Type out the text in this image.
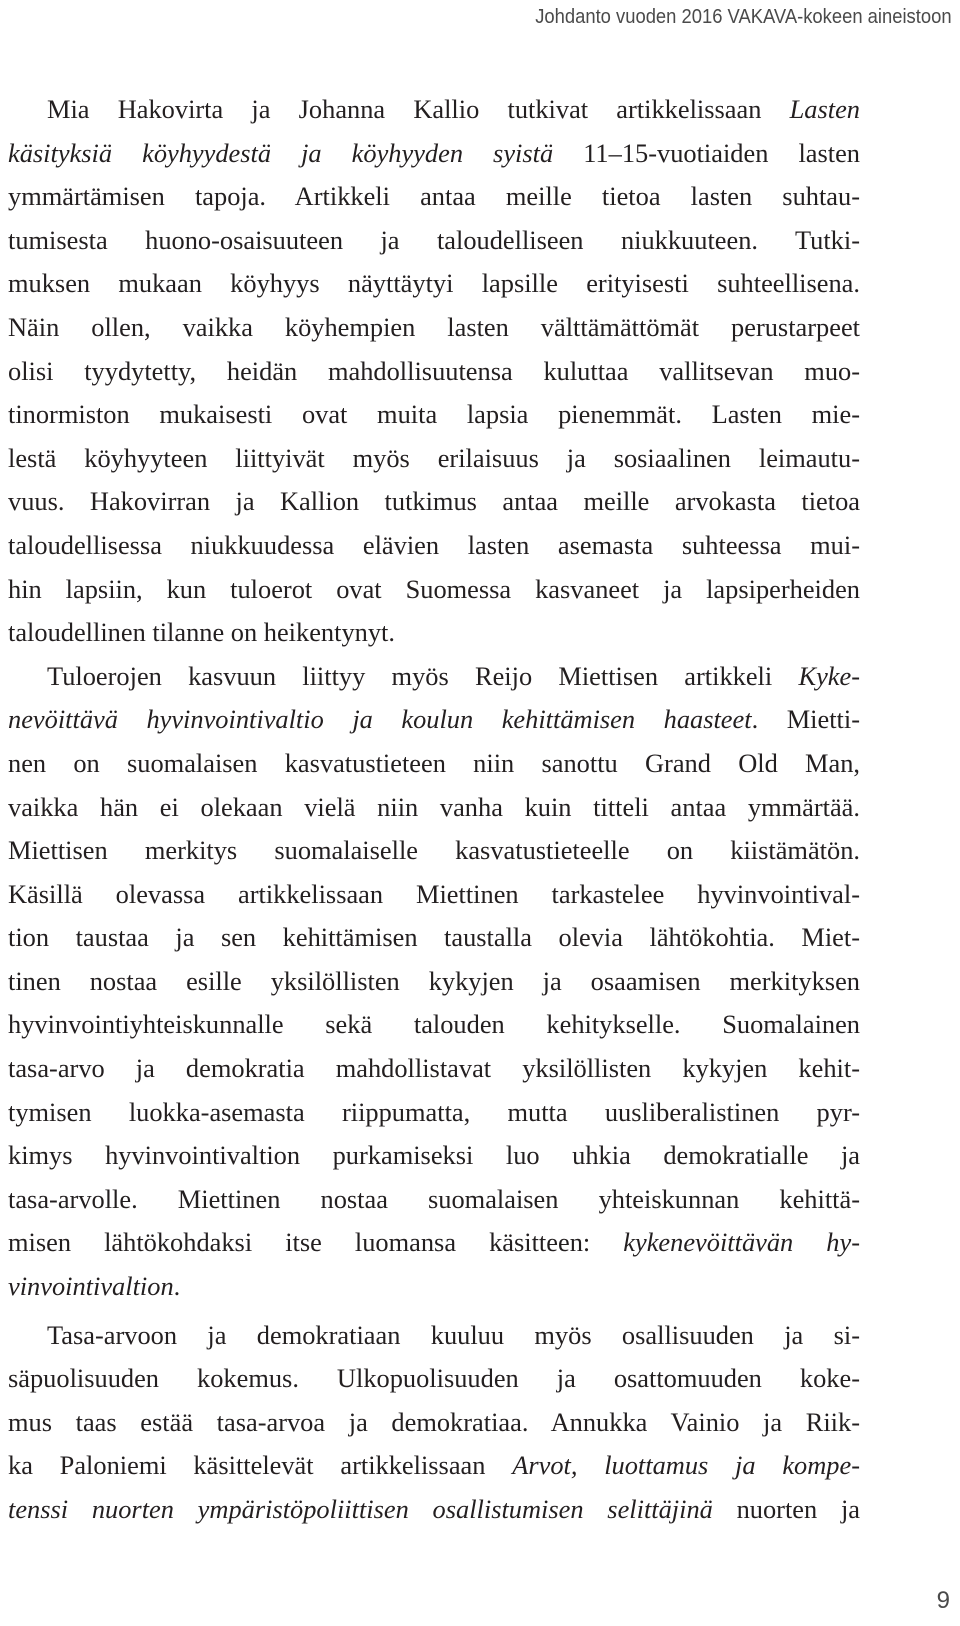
Johdanto vuoden 2016 VAKAVA-kokeen aineistoon
Mia Hakovirta ja Johanna Kallio tutkivat artikkelissaan Lasten
käsityksiä köyhyydestä ja köyhyyden syistä 11–15-vuotiaiden lasten
ymmärtämisen tapoja. Artikkeli antaa meille tietoa lasten suhtau-
tumisesta huono-osaisuuteen ja taloudelliseen niukkuuteen. Tutki-
muksen mukaan köyhyys näyttäytyi lapsille erityisesti suhteellisena.
Näin ollen, vaikka köyhempien lasten välttämättömät perustarpeet
olisi tyydytetty, heidän mahdollisuutensa kuluttaa vallitsevan muo-
tinormiston mukaisesti ovat muita lapsia pienemmät. Lasten mie-
lestä köyhyyteen liittyivät myös erilaisuus ja sosiaalinen leimautu-
vuus. Hakovirran ja Kallion tutkimus antaa meille arvokasta tietoa
taloudellisessa niukkuudessa elävien lasten asemasta suhteessa mui-
hin lapsiin, kun tuloerot ovat Suomessa kasvaneet ja lapsiperheiden
taloudellinen tilanne on heikentynyt.
Tuloerojen kasvuun liittyy myös Reijo Miettisen artikkeli Kyke-
nevöittävä hyvinvointivaltio ja koulun kehittämisen haasteet. Mietti-
nen on suomalaisen kasvatustieteen niin sanottu Grand Old Man,
vaikka hän ei olekaan vielä niin vanha kuin titteli antaa ymmärtää.
Miettisen merkitys suomalaiselle kasvatustieteelle on kiistämätön.
Käsillä olevassa artikkelissaan Miettinen tarkastelee hyvinvointival-
tion taustaa ja sen kehittämisen taustalla olevia lähtökohtia. Miet-
tinen nostaa esille yksilöllisten kykyjen ja osaamisen merkityksen
hyvinvointiyhteiskunnalle sekä talouden kehitykselle. Suomalainen
tasa-arvo ja demokratia mahdollistavat yksilöllisten kykyjen kehit-
tymisen luokka-asemasta riippumatta, mutta uusliberalistinen pyr-
kimys hyvinvointivaltion purkamiseksi luo uhkia demokratialle ja
tasa-arvolle. Miettinen nostaa suomalaisen yhteiskunnan kehittä-
misen lähtökohdaksi itse luomansa käsitteen: kykenevöittävän hy-
vinvointivaltion.
Tasa-arvoon ja demokratiaan kuuluu myös osallisuuden ja si-
säpuolisuuden kokemus. Ulkopuolisuuden ja osattomuuden koke-
mus taas estää tasa-arvoa ja demokratiaa. Annukka Vainio ja Riik-
ka Paloniemi käsittelevät artikkelissaan Arvot, luottamus ja kompe-
tenssi nuorten ympäristöpoliittisen osallistumisen selittäjinä nuorten ja
9
